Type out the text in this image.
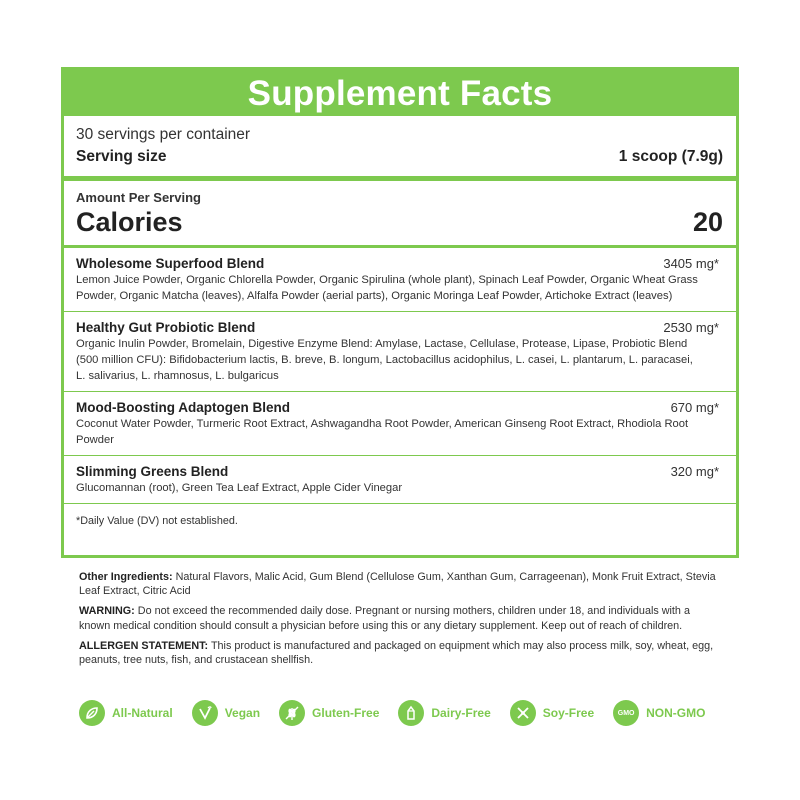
Supplement Facts
30 servings per container
Serving size	1 scoop (7.9g)
Amount Per Serving
Calories	20
Wholesome Superfood Blend	3405 mg*
Lemon Juice Powder, Organic Chlorella Powder, Organic Spirulina (whole plant), Spinach Leaf Powder, Organic Wheat Grass Powder, Organic Matcha (leaves), Alfalfa Powder (aerial parts), Organic Moringa Leaf Powder, Artichoke Extract (leaves)
Healthy Gut Probiotic Blend	2530 mg*
Organic Inulin Powder, Bromelain, Digestive Enzyme Blend: Amylase, Lactase, Cellulase, Protease, Lipase, Probiotic Blend (500 million CFU): Bifidobacterium lactis, B. breve, B. longum, Lactobacillus acidophilus, L. casei, L. plantarum, L. paracasei, L. salivarius, L. rhamnosus, L. bulgaricus
Mood-Boosting Adaptogen Blend	670 mg*
Coconut Water Powder, Turmeric Root Extract, Ashwagandha Root Powder, American Ginseng Root Extract, Rhodiola Root Powder
Slimming Greens Blend	320 mg*
Glucomannan (root), Green Tea Leaf Extract, Apple Cider Vinegar
*Daily Value (DV) not established.

Other Ingredients: Natural Flavors, Malic Acid, Gum Blend (Cellulose Gum, Xanthan Gum, Carrageenan), Monk Fruit Extract, Stevia Leaf Extract, Citric Acid

WARNING: Do not exceed the recommended daily dose. Pregnant or nursing mothers, children under 18, and individuals with a known medical condition should consult a physician before using this or any dietary supplement. Keep out of reach of children.

ALLERGEN STATEMENT: This product is manufactured and packaged on equipment which may also process milk, soy, wheat, egg, peanuts, tree nuts, fish, and crustacean shellfish.

All-Natural	Vegan	Gluten-Free	Dairy-Free	Soy-Free	GMO NON-GMO
